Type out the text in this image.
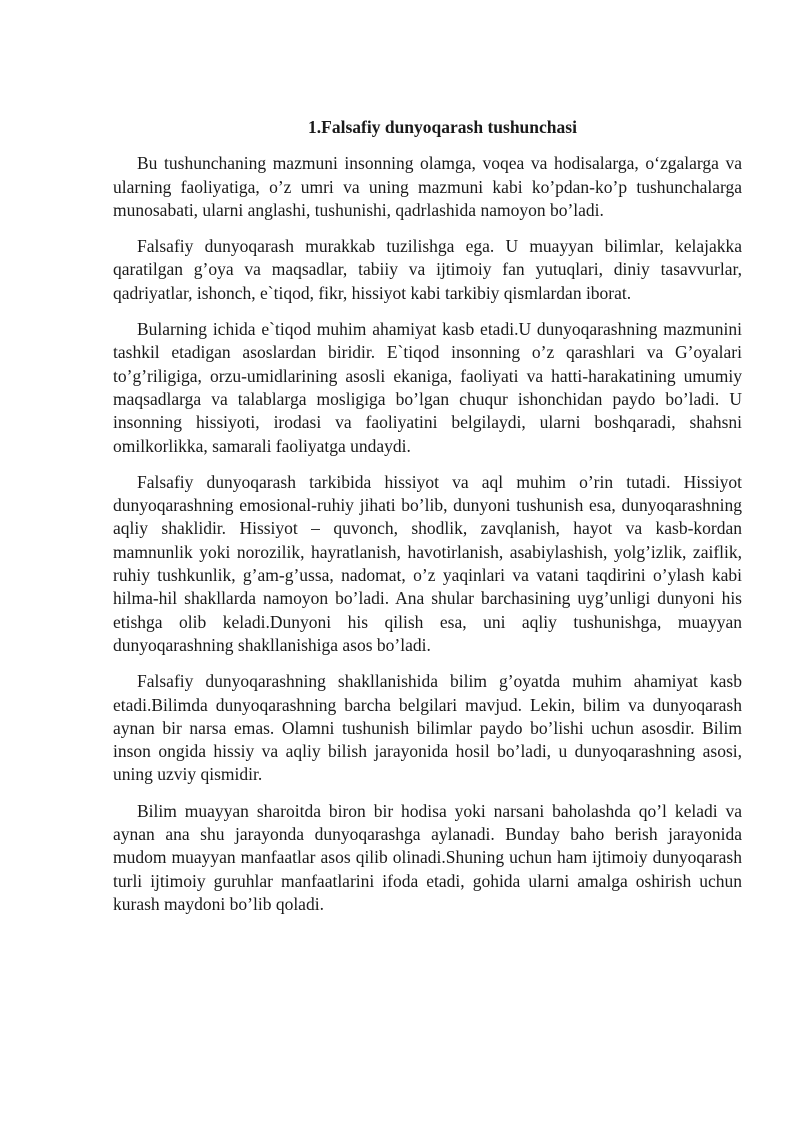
1.Falsafiy dunyoqarash tushunchasi

Bu tushunchaning mazmuni insonning olamga, voqea va hodisalarga, o‘zgalarga va ularning faoliyatiga, o’z umri va uning mazmuni kabi ko’pdan-ko’p tushunchalarga munosabati, ularni anglashi, tushunishi, qadrlashida namoyon bo’ladi.

Falsafiy dunyoqarash murakkab tuzilishga ega. U muayyan bilimlar, kelajakka qaratilgan g’oya va maqsadlar, tabiiy va ijtimoiy fan yutuqlari, diniy tasavvurlar, qadriyatlar, ishonch, e`tiqod, fikr, hissiyot kabi tarkibiy qismlardan iborat.

Bularning ichida e`tiqod muhim ahamiyat kasb etadi.U dunyoqarashning mazmunini tashkil etadigan asoslardan biridir. E`tiqod insonning o’z qarashlari va G’oyalari to’g’riligiga, orzu-umidlarining asosli ekaniga, faoliyati va hatti-harakatining umumiy maqsadlarga va talablarga mosligiga bo’lgan chuqur ishonchidan paydo bo’ladi. U insonning hissiyoti, irodasi va faoliyatini belgilaydi, ularni boshqaradi, shahsni omilkorlikka, samarali faoliyatga undaydi.

Falsafiy dunyoqarash tarkibida hissiyot va aql muhim o’rin tutadi. Hissiyot dunyoqarashning emosional-ruhiy jihati bo’lib, dunyoni tushunish esa, dunyoqarashning aqliy shaklidir. Hissiyot – quvonch, shodlik, zavqlanish, hayot va kasb-kordan mamnunlik yoki norozilik, hayratlanish, havotirlanish, asabiylashish, yolg’izlik, zaiflik, ruhiy tushkunlik, g’am-g’ussa, nadomat, o’z yaqinlari va vatani taqdirini o’ylash kabi hilma-hil shakllarda namoyon bo’ladi. Ana shular barchasining uyg’unligi dunyoni his etishga olib keladi.Dunyoni his qilish esa, uni aqliy tushunishga, muayyan dunyoqarashning shakllanishiga asos bo’ladi.

Falsafiy dunyoqarashning shakllanishida bilim g’oyatda muhim ahamiyat kasb etadi.Bilimda dunyoqarashning barcha belgilari mavjud. Lekin, bilim va dunyoqarash aynan bir narsa emas. Olamni tushunish bilimlar paydo bo’lishi uchun asosdir. Bilim inson ongida hissiy va aqliy bilish jarayonida hosil bo’ladi, u dunyoqarashning asosi, uning uzviy qismidir.

Bilim muayyan sharoitda biron bir hodisa yoki narsani baholashda qo’l keladi va aynan ana shu jarayonda dunyoqarashga aylanadi. Bunday baho berish jarayonida mudom muayyan manfaatlar asos qilib olinadi.Shuning uchun ham ijtimoiy dunyoqarash turli ijtimoiy guruhlar manfaatlarini ifoda etadi, gohida ularni amalga oshirish uchun kurash maydoni bo’lib qoladi.
